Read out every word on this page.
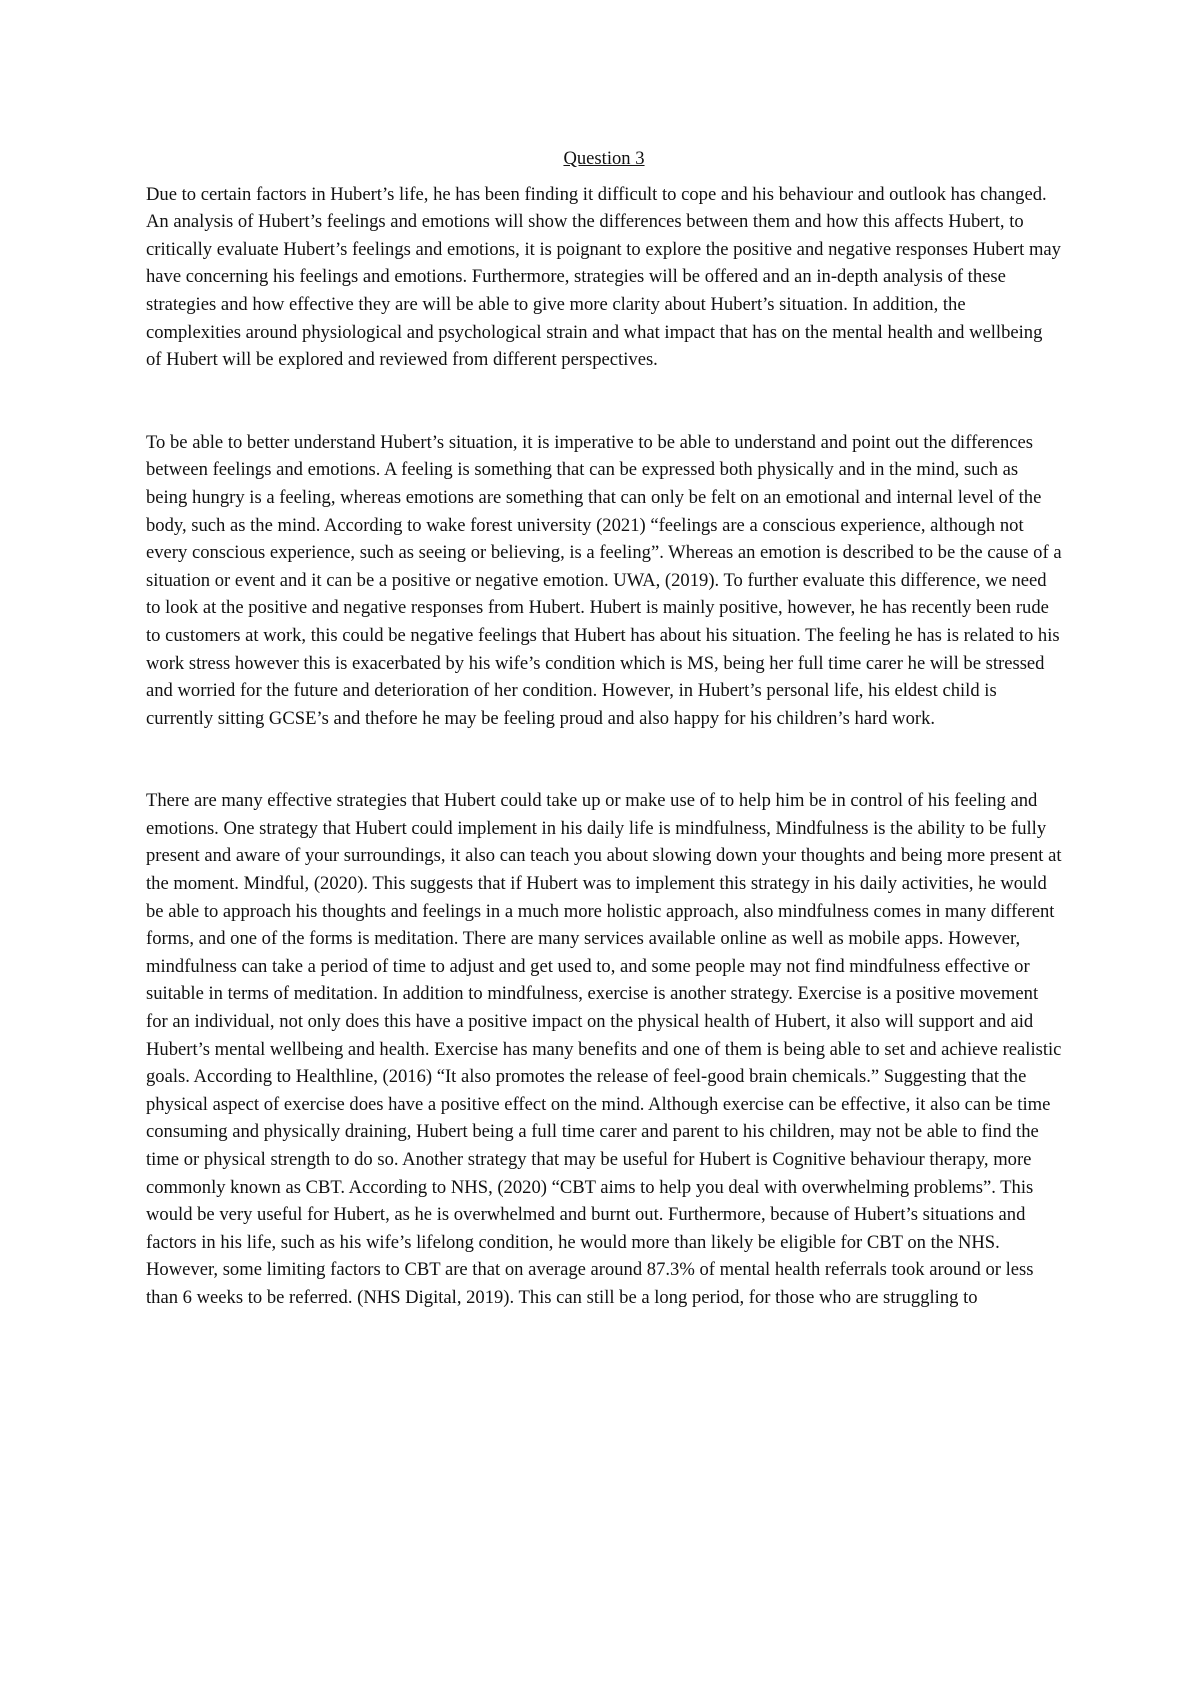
Question 3

Due to certain factors in Hubert’s life, he has been finding it difficult to cope and his behaviour and outlook has changed. An analysis of Hubert’s feelings and emotions will show the differences between them and how this affects Hubert, to critically evaluate Hubert’s feelings and emotions, it is poignant to explore the positive and negative responses Hubert may have concerning his feelings and emotions. Furthermore, strategies will be offered and an in-depth analysis of these strategies and how effective they are will be able to give more clarity about Hubert’s situation. In addition, the complexities around physiological and psychological strain and what impact that has on the mental health and wellbeing of Hubert will be explored and reviewed from different perspectives.

To be able to better understand Hubert’s situation, it is imperative to be able to understand and point out the differences between feelings and emotions. A feeling is something that can be expressed both physically and in the mind, such as being hungry is a feeling, whereas emotions are something that can only be felt on an emotional and internal level of the body, such as the mind. According to wake forest university (2021) “feelings are a conscious experience, although not every conscious experience, such as seeing or believing, is a feeling”. Whereas an emotion is described to be the cause of a situation or event and it can be a positive or negative emotion. UWA, (2019). To further evaluate this difference, we need to look at the positive and negative responses from Hubert. Hubert is mainly positive, however, he has recently been rude to customers at work, this could be negative feelings that Hubert has about his situation. The feeling he has is related to his work stress however this is exacerbated by his wife’s condition which is MS, being her full time carer he will be stressed and worried for the future and deterioration of her condition. However, in Hubert’s personal life, his eldest child is currently sitting GCSE’s and thefore he may be feeling proud and also happy for his children’s hard work.

There are many effective strategies that Hubert could take up or make use of to help him be in control of his feeling and emotions. One strategy that Hubert could implement in his daily life is mindfulness, Mindfulness is the ability to be fully present and aware of your surroundings, it also can teach you about slowing down your thoughts and being more present at the moment. Mindful, (2020). This suggests that if Hubert was to implement this strategy in his daily activities, he would be able to approach his thoughts and feelings in a much more holistic approach, also mindfulness comes in many different forms, and one of the forms is meditation. There are many services available online as well as mobile apps. However, mindfulness can take a period of time to adjust and get used to, and some people may not find mindfulness effective or suitable in terms of meditation. In addition to mindfulness, exercise is another strategy. Exercise is a positive movement for an individual, not only does this have a positive impact on the physical health of Hubert, it also will support and aid Hubert’s mental wellbeing and health. Exercise has many benefits and one of them is being able to set and achieve realistic goals. According to Healthline, (2016) “It also promotes the release of feel-good brain chemicals.” Suggesting that the physical aspect of exercise does have a positive effect on the mind. Although exercise can be effective, it also can be time consuming and physically draining, Hubert being a full time carer and parent to his children, may not be able to find the time or physical strength to do so. Another strategy that may be useful for Hubert is Cognitive behaviour therapy, more commonly known as CBT. According to NHS, (2020) “CBT aims to help you deal with overwhelming problems”. This would be very useful for Hubert, as he is overwhelmed and burnt out. Furthermore, because of Hubert’s situations and factors in his life, such as his wife’s lifelong condition, he would more than likely be eligible for CBT on the NHS. However, some limiting factors to CBT are that on average around 87.3% of mental health referrals took around or less than 6 weeks to be referred. (NHS Digital, 2019). This can still be a long period, for those who are struggling to
